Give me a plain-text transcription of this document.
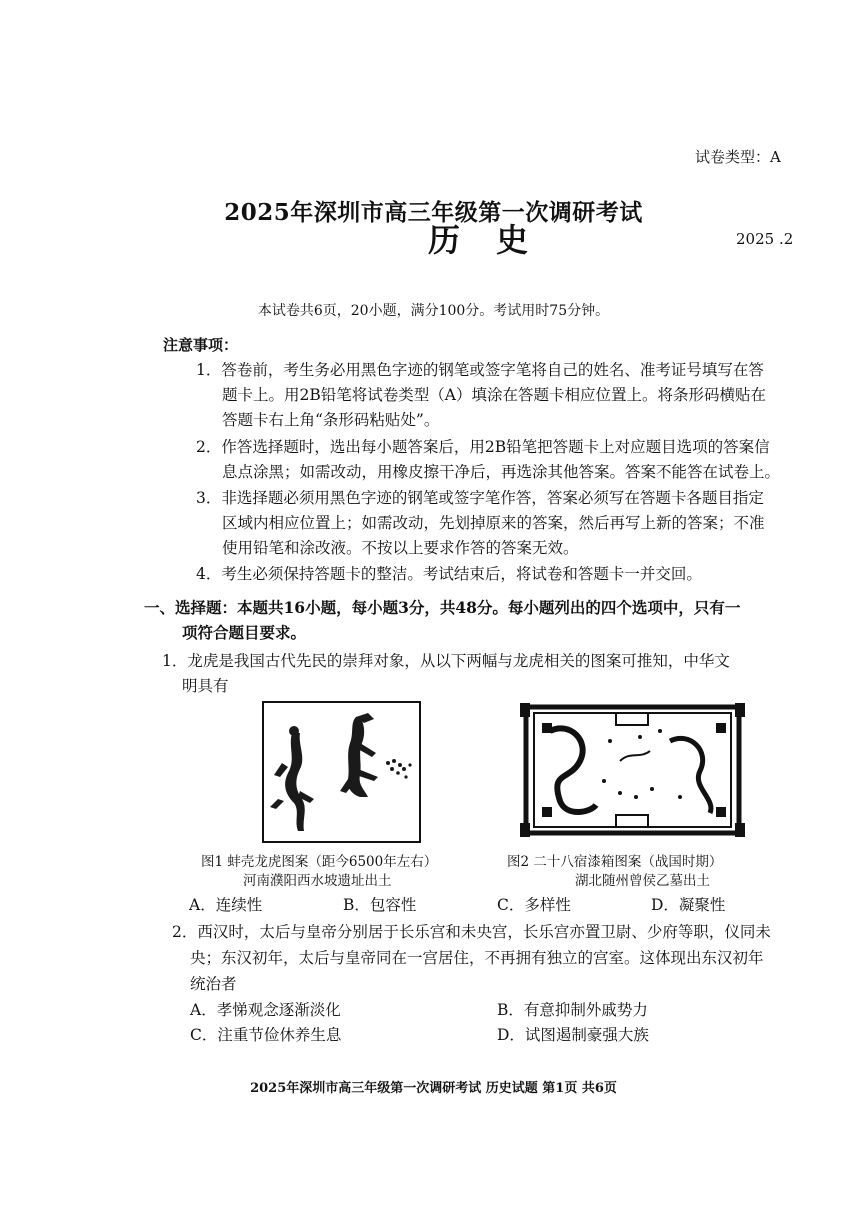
试卷类型：A
2025年深圳市高三年级第一次调研考试
历史	2025 .2
本试卷共6页，20小题，满分100分。考试用时75分钟。
注意事项：
1．答卷前，考生务必用黑色字迹的钢笔或签字笔将自己的姓名、准考证号填写在答
题卡上。用2B铅笔将试卷类型（A）填涂在答题卡相应位置上。将条形码横贴在
答题卡右上角“条形码粘贴处”。
2．作答选择题时，选出每小题答案后，用2B铅笔把答题卡上对应题目选项的答案信
息点涂黑；如需改动，用橡皮擦干净后，再选涂其他答案。答案不能答在试卷上。
3．非选择题必须用黑色字迹的钢笔或签字笔作答，答案必须写在答题卡各题目指定
区域内相应位置上；如需改动，先划掉原来的答案，然后再写上新的答案；不准
使用铅笔和涂改液。不按以上要求作答的答案无效。
4．考生必须保持答题卡的整洁。考试结束后，将试卷和答题卡一并交回。
一、选择题：本题共16小题，每小题3分，共48分。每小题列出的四个选项中，只有一
项符合题目要求。
1．龙虎是我国古代先民的崇拜对象，从以下两幅与龙虎相关的图案可推知，中华文
明具有
图1 蚌壳龙虎图案（距今6500年左右）
河南濮阳西水坡遗址出土
图2 二十八宿漆箱图案（战国时期）
湖北随州曾侯乙墓出土
A．连续性	B．包容性	C．多样性	D．凝聚性
2．西汉时，太后与皇帝分别居于长乐宫和未央宫，长乐宫亦置卫尉、少府等职，仪同未
央；东汉初年，太后与皇帝同在一宫居住，不再拥有独立的宫室。这体现出东汉初年
统治者
A．孝悌观念逐渐淡化	B．有意抑制外戚势力
C．注重节俭休养生息	D．试图遏制豪强大族
2025年深圳市高三年级第一次调研考试 历史试题 第1页 共6页
